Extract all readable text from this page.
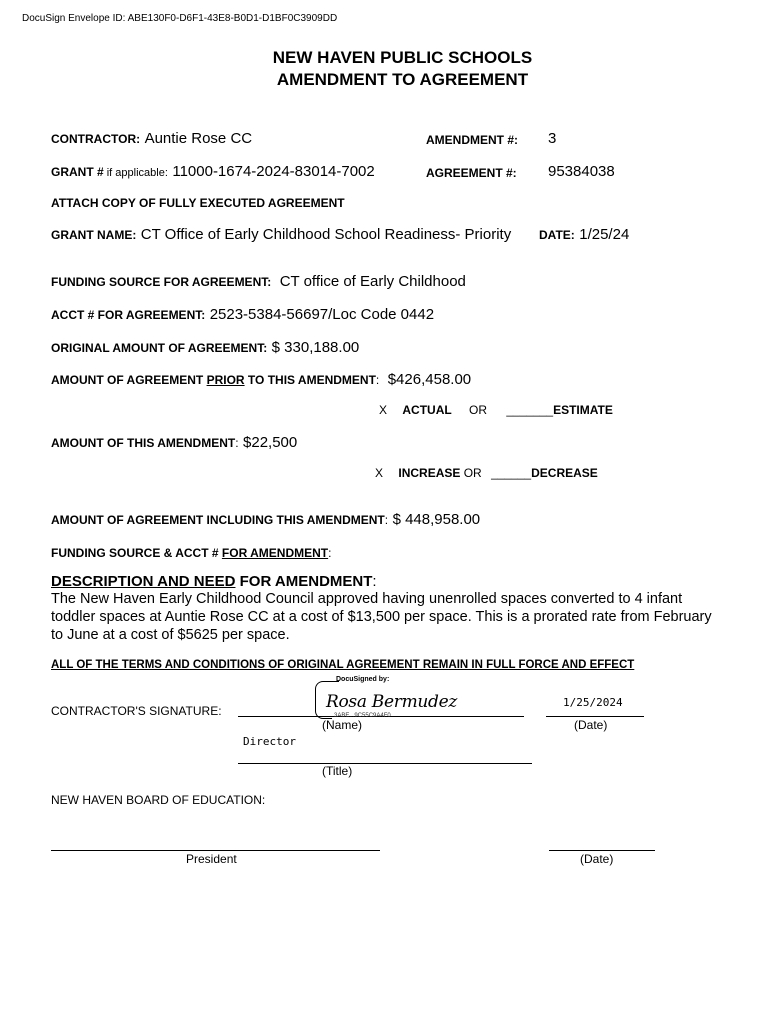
DocuSign Envelope ID: ABE130F0-D6F1-43E8-B0D1-D1BF0C3909DD
NEW HAVEN PUBLIC SCHOOLS
AMENDMENT TO AGREEMENT
CONTRACTOR: Auntie Rose CC	AMENDMENT #: 3
GRANT # if applicable: 11000-1674-2024-83014-7002	AGREEMENT #: 95384038
ATTACH COPY OF FULLY EXECUTED AGREEMENT
GRANT NAME: CT Office of Early Childhood School Readiness- Priority DATE: 1/25/24
FUNDING SOURCE FOR AGREEMENT: CT office of Early Childhood
ACCT # FOR AGREEMENT: 2523-5384-56697/Loc Code 0442
ORIGINAL AMOUNT OF AGREEMENT: $ 330,188.00
AMOUNT OF AGREEMENT PRIOR TO THIS AMENDMENT: $426,458.00
X ACTUAL OR _______ESTIMATE
AMOUNT OF THIS AMENDMENT: $22,500
X INCREASE OR ______DECREASE
AMOUNT OF AGREEMENT INCLUDING THIS AMENDMENT: $ 448,958.00
FUNDING SOURCE & ACCT # FOR AMENDMENT:
DESCRIPTION AND NEED FOR AMENDMENT:
The New Haven Early Childhood Council approved having unenrolled spaces converted to 4 infant
toddler spaces at Auntie Rose CC at a cost of $13,500 per space. This is a prorated rate from February
to June at a cost of $5625 per space.
ALL OF THE TERMS AND CONDITIONS OF ORIGINAL AGREEMENT REMAIN IN FULL FORCE AND EFFECT
CONTRACTOR'S SIGNATURE:
DocuSigned by:
Rosa Bermudez
3ABE...9C55C9A4F0
(Name)
1/25/2024
(Date)
Director
(Title)
NEW HAVEN BOARD OF EDUCATION:
President	(Date)
